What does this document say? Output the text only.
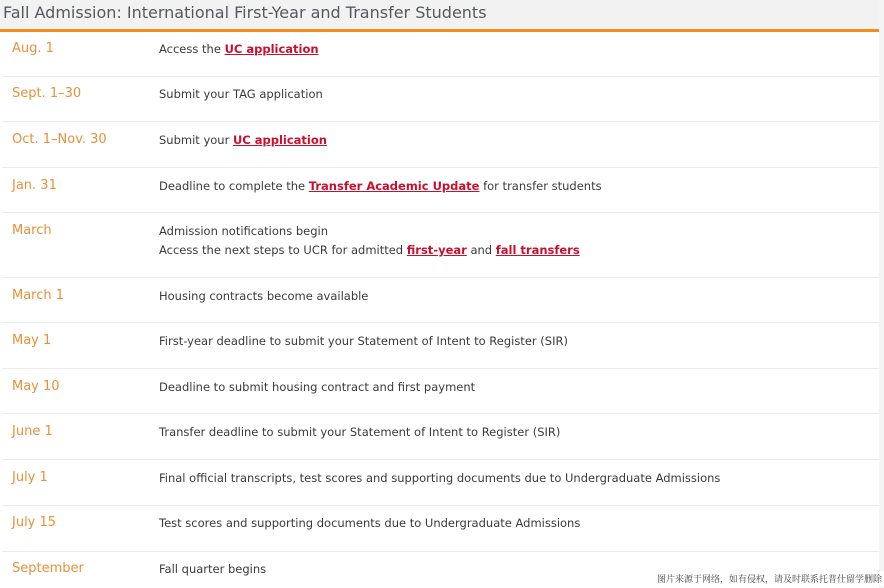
Fall Admission: International First-Year and Transfer Students
Aug. 1	Access the UC application
Sept. 1–30	Submit your TAG application
Oct. 1–Nov. 30	Submit your UC application
Jan. 31	Deadline to complete the Transfer Academic Update for transfer students
March	Admission notifications begin
Access the next steps to UCR for admitted first-year and fall transfers
March 1	Housing contracts become available
May 1	First-year deadline to submit your Statement of Intent to Register (SIR)
May 10	Deadline to submit housing contract and first payment
June 1	Transfer deadline to submit your Statement of Intent to Register (SIR)
July 1	Final official transcripts, test scores and supporting documents due to Undergraduate Admissions
July 15	Test scores and supporting documents due to Undergraduate Admissions
September	Fall quarter begins
图片来源于网络，如有侵权，请及时联系托普仕留学删除
